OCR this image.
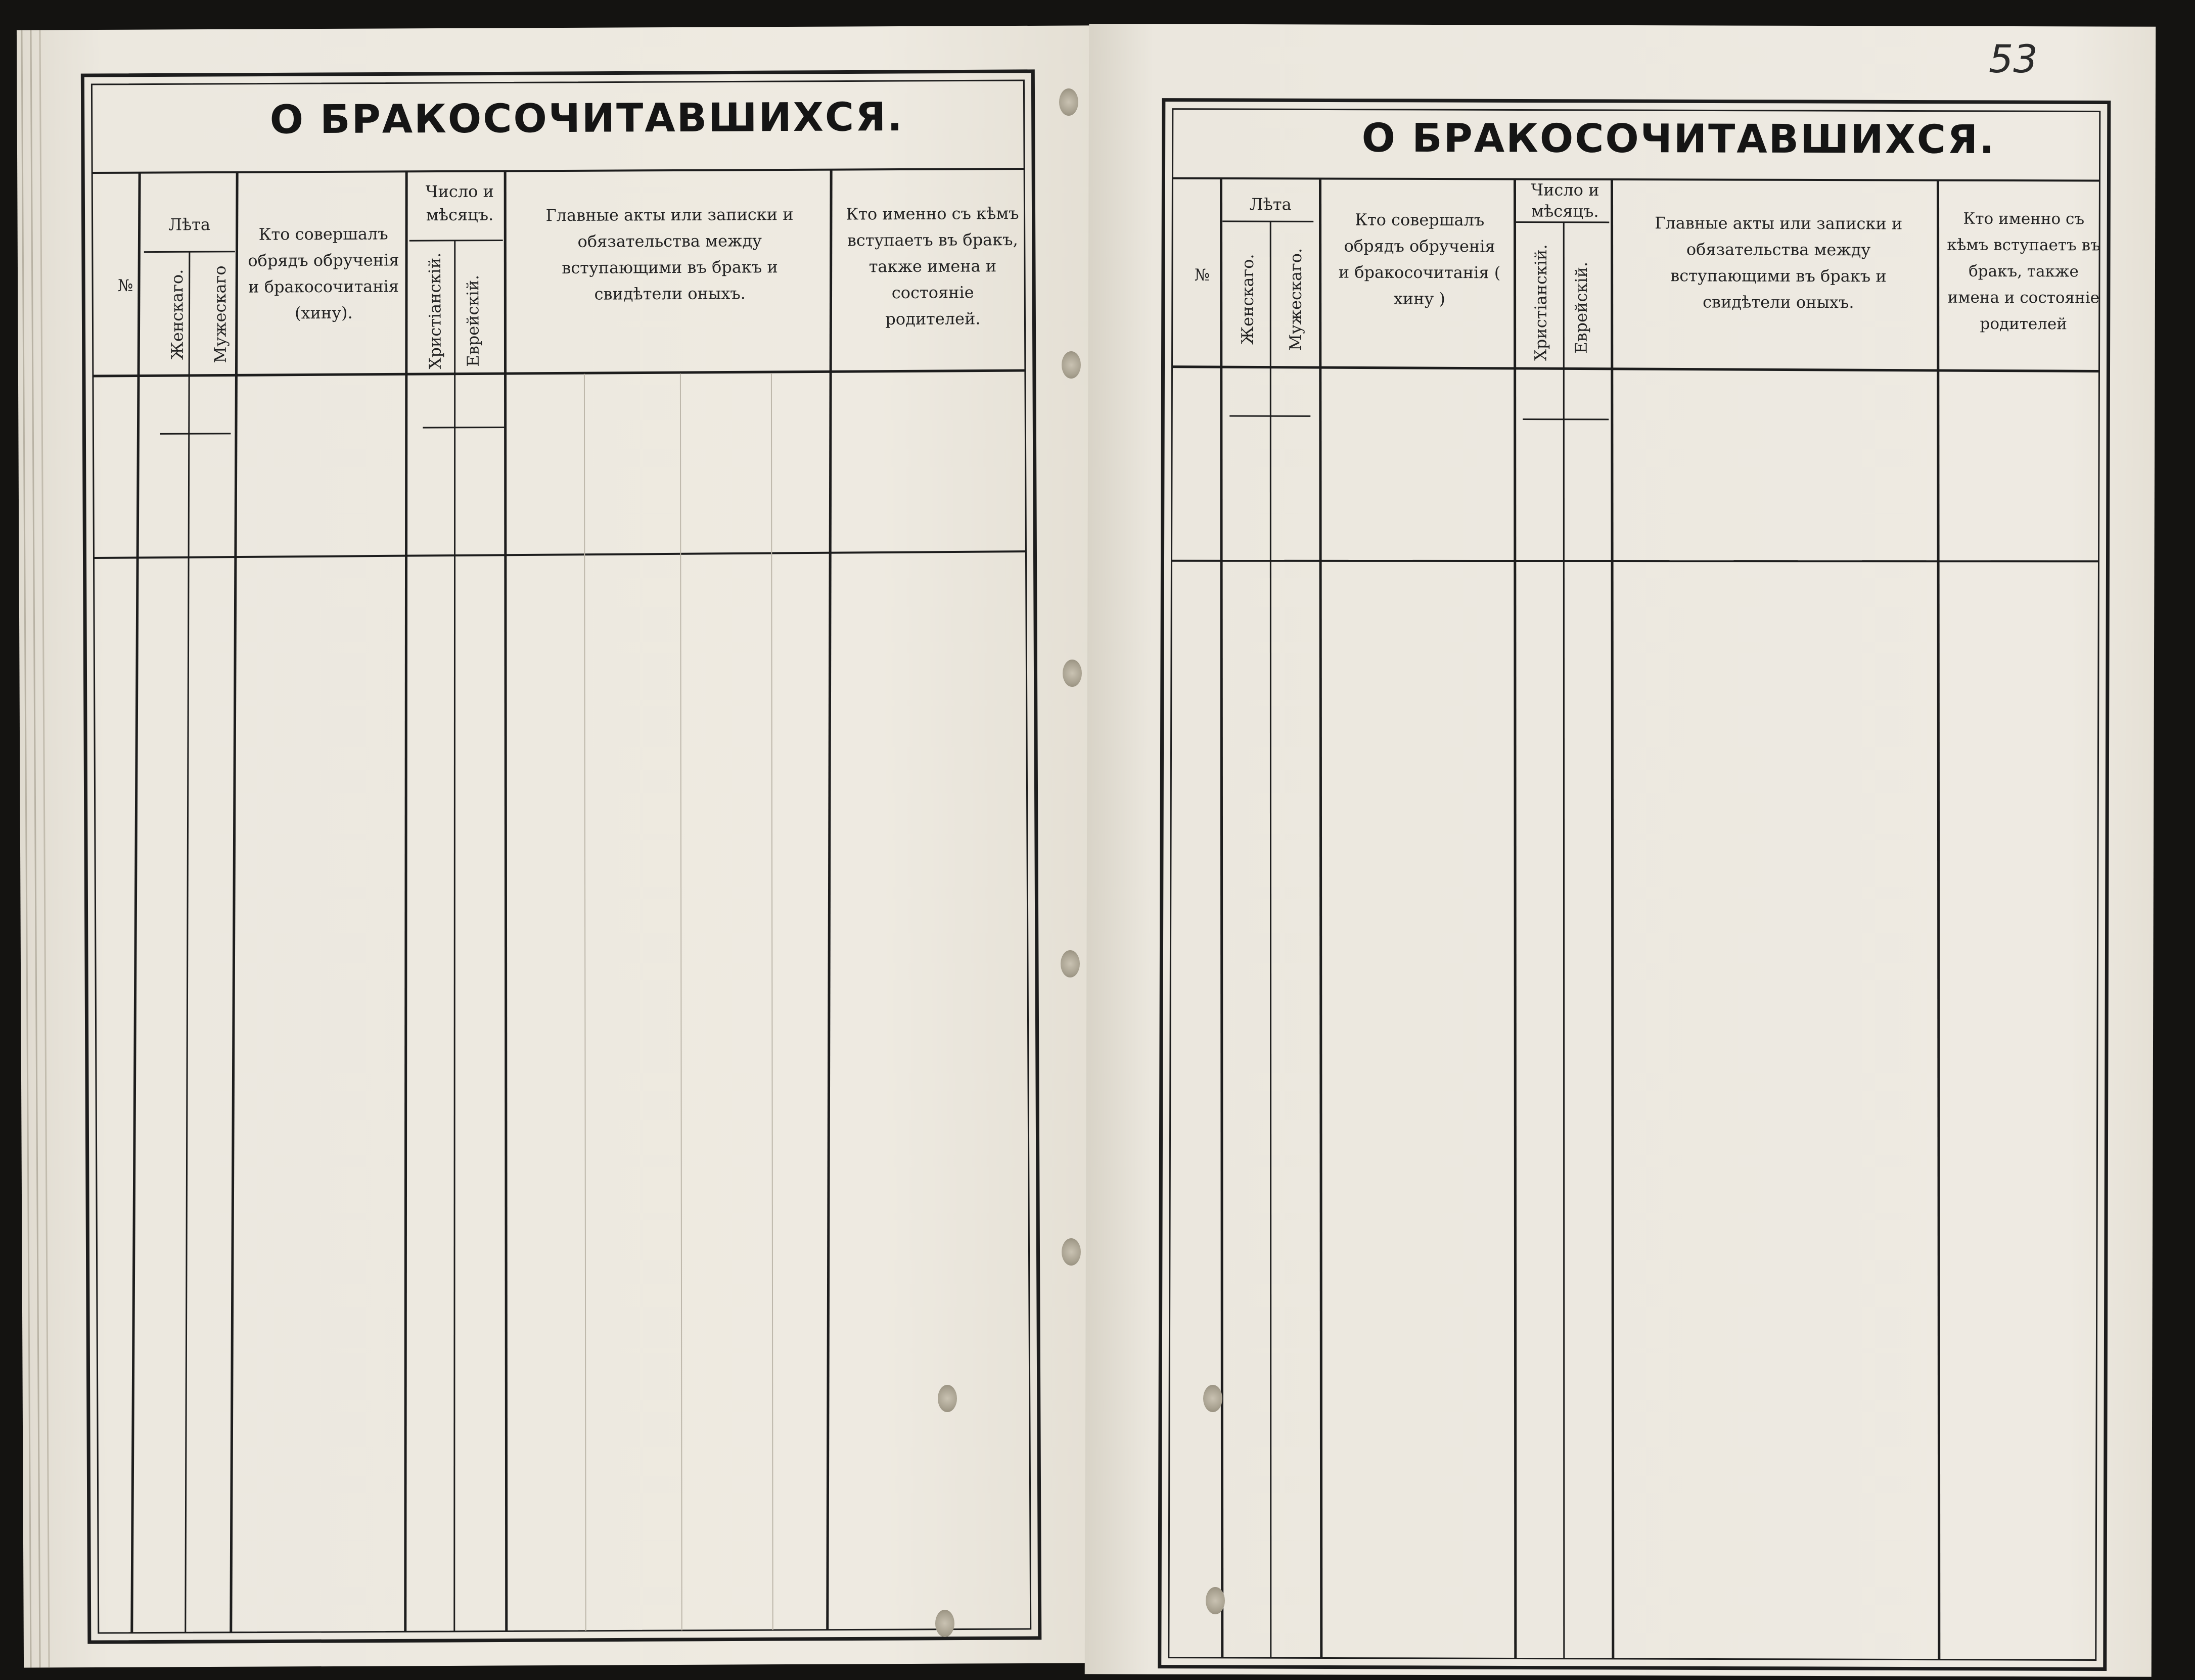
О БРАКОСОЧИТАВШИХСЯ.
№
Лѣта
Женскаго. Мужескаго
Кто совершалъ обрядъ обрученія и бракосочитанія (хину).
Число и мѣсяцъ.
Христіанскій. Еврейскій.
Главные акты или записки и обязательства между вступающими въ бракъ и свидѣтели оныхъ.
Кто именно съ кѣмъ вступаетъ въ бракъ, также имена и состояніе родителей.
53
О БРАКОСОЧИТАВШИХСЯ.
№
Лѣта
Женскаго. Мужескаго.
Кто совершалъ обрядъ обрученія и бракосочитанія ( хину )
Число и мѣсяцъ.
Христіанскій. Еврейскій.
Главные акты или записки и обязательства между вступающими въ бракъ и свидѣтели оныхъ.
Кто именно съ кѣмъ вступаетъ въ бракъ, также имена и состояніе родителей
